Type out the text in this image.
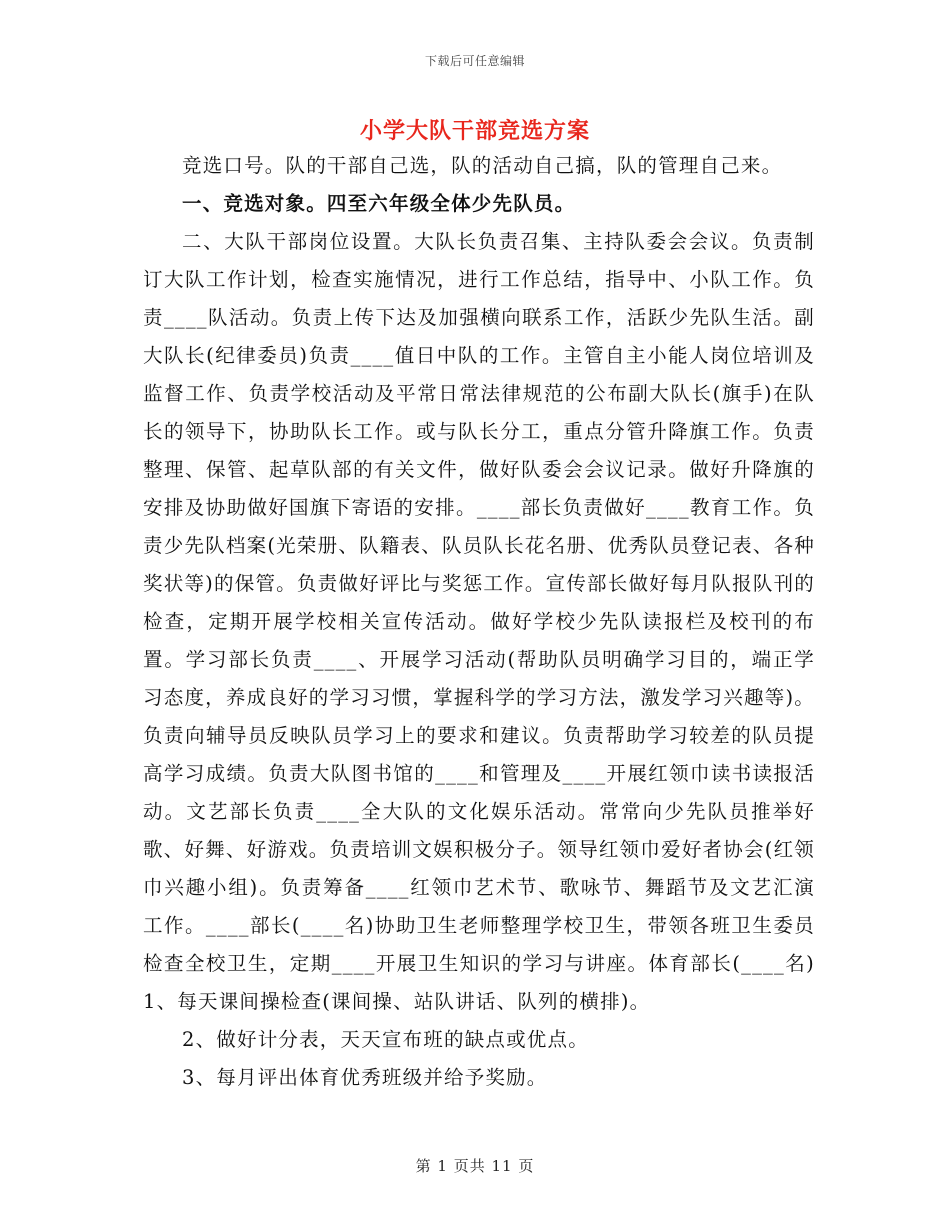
下载后可任意编辑
小学大队干部竞选方案

竞选口号。队的干部自己选，队的活动自己搞，队的管理自己来。

一、竞选对象。四至六年级全体少先队员。

二、大队干部岗位设置。大队长负责召集、主持队委会会议。负责制订大队工作计划，检查实施情况，进行工作总结，指导中、小队工作。负责____队活动。负责上传下达及加强横向联系工作，活跃少先队生活。副大队长(纪律委员)负责____值日中队的工作。主管自主小能人岗位培训及监督工作、负责学校活动及平常日常法律规范的公布副大队长(旗手)在队长的领导下，协助队长工作。或与队长分工，重点分管升降旗工作。负责整理、保管、起草队部的有关文件，做好队委会会议记录。做好升降旗的安排及协助做好国旗下寄语的安排。____部长负责做好____教育工作。负责少先队档案(光荣册、队籍表、队员队长花名册、优秀队员登记表、各种奖状等)的保管。负责做好评比与奖惩工作。宣传部长做好每月队报队刊的检查，定期开展学校相关宣传活动。做好学校少先队读报栏及校刊的布置。学习部长负责____、开展学习活动(帮助队员明确学习目的，端正学习态度，养成良好的学习习惯，掌握科学的学习方法，激发学习兴趣等)。负责向辅导员反映队员学习上的要求和建议。负责帮助学习较差的队员提高学习成绩。负责大队图书馆的____和管理及____开展红领巾读书读报活动。文艺部长负责____全大队的文化娱乐活动。常常向少先队员推举好歌、好舞、好游戏。负责培训文娱积极分子。领导红领巾爱好者协会(红领巾兴趣小组)。负责筹备____红领巾艺术节、歌咏节、舞蹈节及文艺汇演工作。____部长(____名)协助卫生老师整理学校卫生，带领各班卫生委员检查全校卫生，定期____开展卫生知识的学习与讲座。体育部长(____名)1、每天课间操检查(课间操、站队讲话、队列的横排)。

2、做好计分表，天天宣布班的缺点或优点。

3、每月评出体育优秀班级并给予奖励。

第 1 页共 11 页
